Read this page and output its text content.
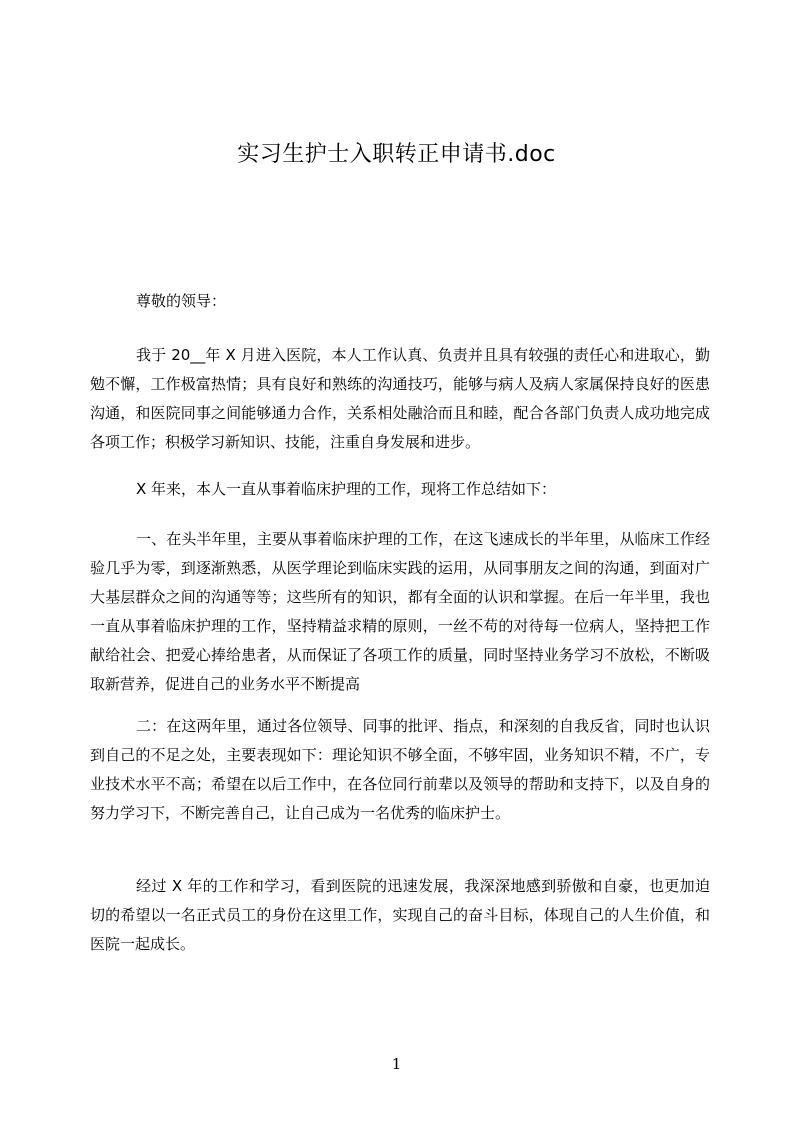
实习生护士入职转正申请书.doc

尊敬的领导：

我于 20__年 X 月进入医院，本人工作认真、负责并且具有较强的责任心和进取心，勤勉不懈，工作极富热情；具有良好和熟练的沟通技巧，能够与病人及病人家属保持良好的医患沟通，和医院同事之间能够通力合作，关系相处融洽而且和睦，配合各部门负责人成功地完成各项工作；积极学习新知识、技能，注重自身发展和进步。

X 年来，本人一直从事着临床护理的工作，现将工作总结如下：

一、在头半年里，主要从事着临床护理的工作，在这飞速成长的半年里，从临床工作经验几乎为零，到逐渐熟悉，从医学理论到临床实践的运用，从同事朋友之间的沟通，到面对广大基层群众之间的沟通等等；这些所有的知识，都有全面的认识和掌握。在后一年半里，我也一直从事着临床护理的工作，坚持精益求精的原则，一丝不苟的对待每一位病人，坚持把工作献给社会、把爱心捧给患者，从而保证了各项工作的质量，同时坚持业务学习不放松，不断吸取新营养，促进自己的业务水平不断提高

二：在这两年里，通过各位领导、同事的批评、指点，和深刻的自我反省，同时也认识到自己的不足之处，主要表现如下：理论知识不够全面，不够牢固，业务知识不精，不广，专业技术水平不高；希望在以后工作中，在各位同行前辈以及领导的帮助和支持下，以及自身的努力学习下，不断完善自己，让自己成为一名优秀的临床护士。

经过 X 年的工作和学习，看到医院的迅速发展，我深深地感到骄傲和自豪，也更加迫切的希望以一名正式员工的身份在这里工作，实现自己的奋斗目标，体现自己的人生价值，和医院一起成长。

1
